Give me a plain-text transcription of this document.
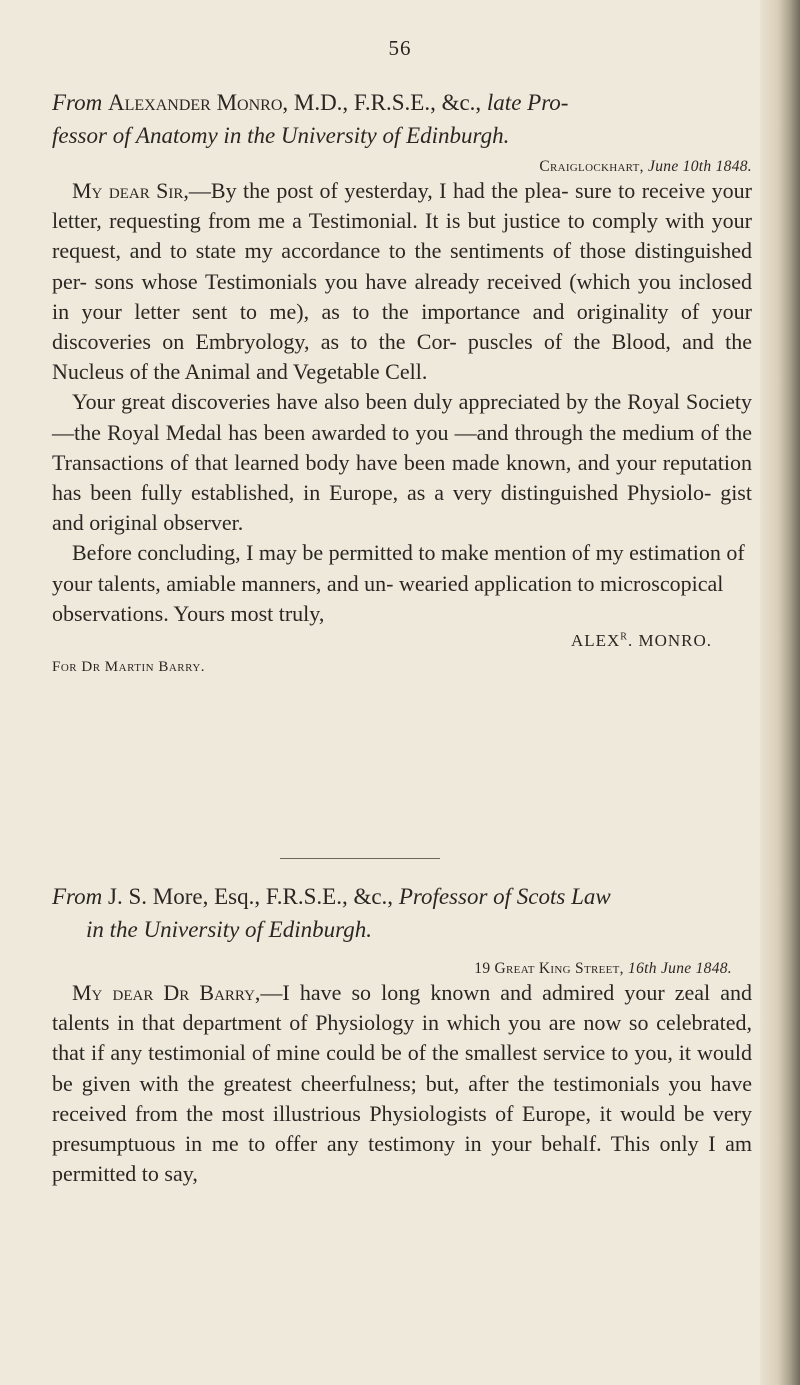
56

From Alexander Monro, M.D., F.R.S.E., &c., late Pro-
fessor of Anatomy in the University of Edinburgh.

Craiglockhart, June 10th 1848.

My dear Sir,—By the post of yesterday, I had the plea- sure to receive your letter, requesting from me a Testimonial. It is but justice to comply with your request, and to state my accordance to the sentiments of those distinguished per- sons whose Testimonials you have already received (which you inclosed in your letter sent to me), as to the importance and originality of your discoveries on Embryology, as to the Cor- puscles of the Blood, and the Nucleus of the Animal and Vegetable Cell.

Your great discoveries have also been duly appreciated by the Royal Society—the Royal Medal has been awarded to you —and through the medium of the Transactions of that learned body have been made known, and your reputation has been fully established, in Europe, as a very distinguished Physiolo- gist and original observer.

Before concluding, I may be permitted to make mention of my estimation of your talents, amiable manners, and un- wearied application to microscopical observations. Yours most truly,

$ALEX^R$. MONRO.
For Dr Martin Barry.

From J. S. More, Esq., F.R.S.E., &c., Professor of Scots Law
in the University of Edinburgh.

19 Great King Street, 16th June 1848.

My dear Dr Barry,—I have so long known and admired your zeal and talents in that department of Physiology in which you are now so celebrated, that if any testimonial of mine could be of the smallest service to you, it would be given with the greatest cheerfulness; but, after the testimonials you have received from the most illustrious Physiologists of Europe, it would be very presumptuous in me to offer any testimony in your behalf. This only I am permitted to say,
